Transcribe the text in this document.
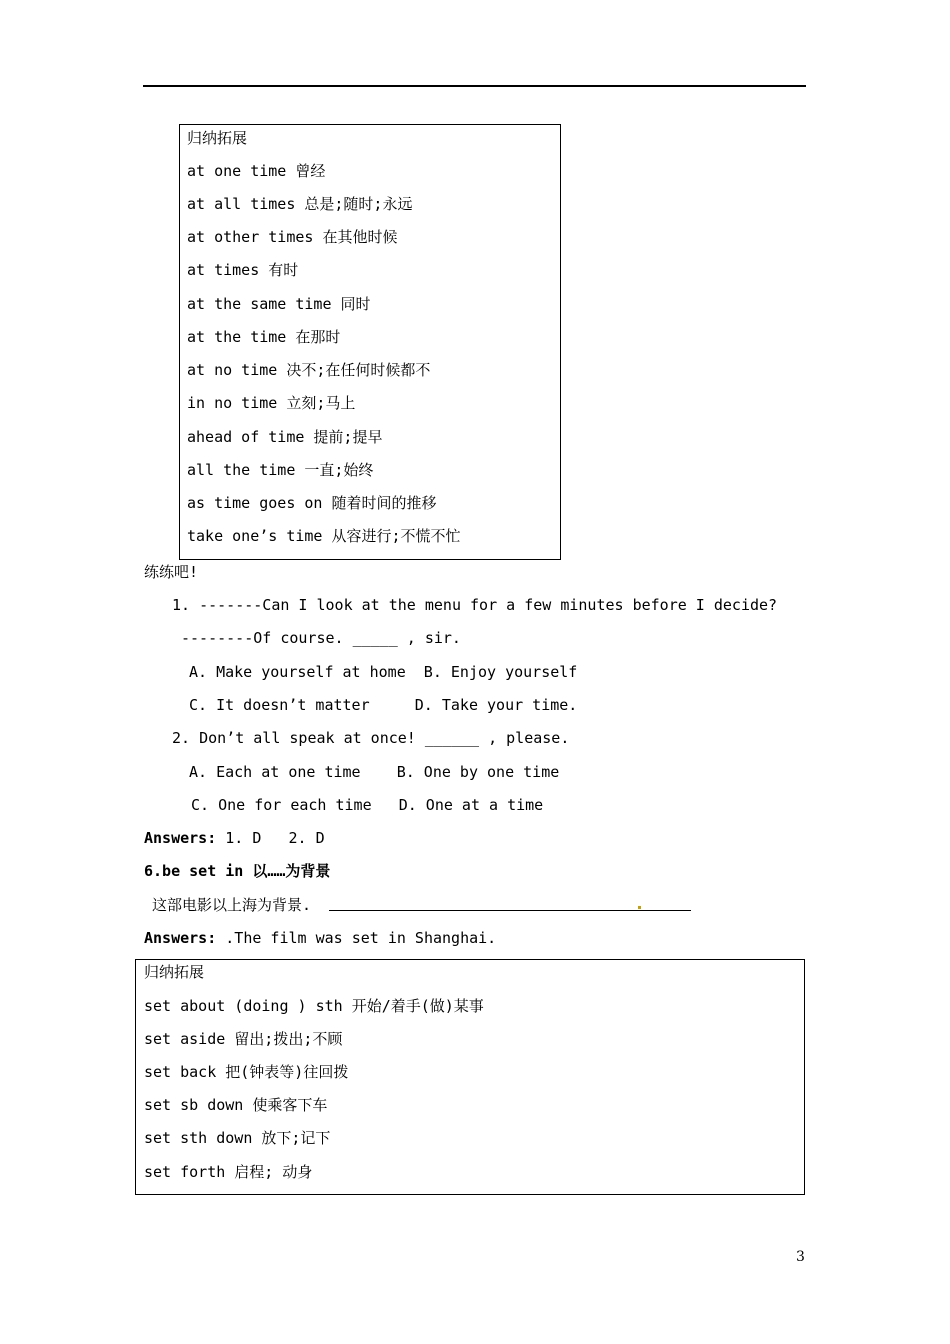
归纳拓展
at one time 曾经
at all times 总是;随时;永远
at other times 在其他时候
at times 有时
at the same time 同时
at the time 在那时
at no time 决不;在任何时候都不
in no time 立刻;马上
ahead of time 提前;提早
all the time 一直;始终
as time goes on 随着时间的推移
take one’s time 从容进行;不慌不忙
练练吧!
1. -------Can I look at the menu for a few minutes before I decide?
--------Of course. _____ , sir.
A. Make yourself at home  B. Enjoy yourself
C. It doesn’t matter     D. Take your time.
2. Don’t all speak at once! ______ , please.
A. Each at one time    B. One by one time
C. One for each time   D. One at a time
Answers: 1. D   2. D
6.be set in 以……为背景
这部电影以上海为背景.
Answers: .The film was set in Shanghai.
归纳拓展
set about (doing ) sth 开始/着手(做)某事
set aside 留出;拨出;不顾
set back 把(钟表等)往回拨
set sb down 使乘客下车
set sth down 放下;记下
set forth 启程; 动身
3
